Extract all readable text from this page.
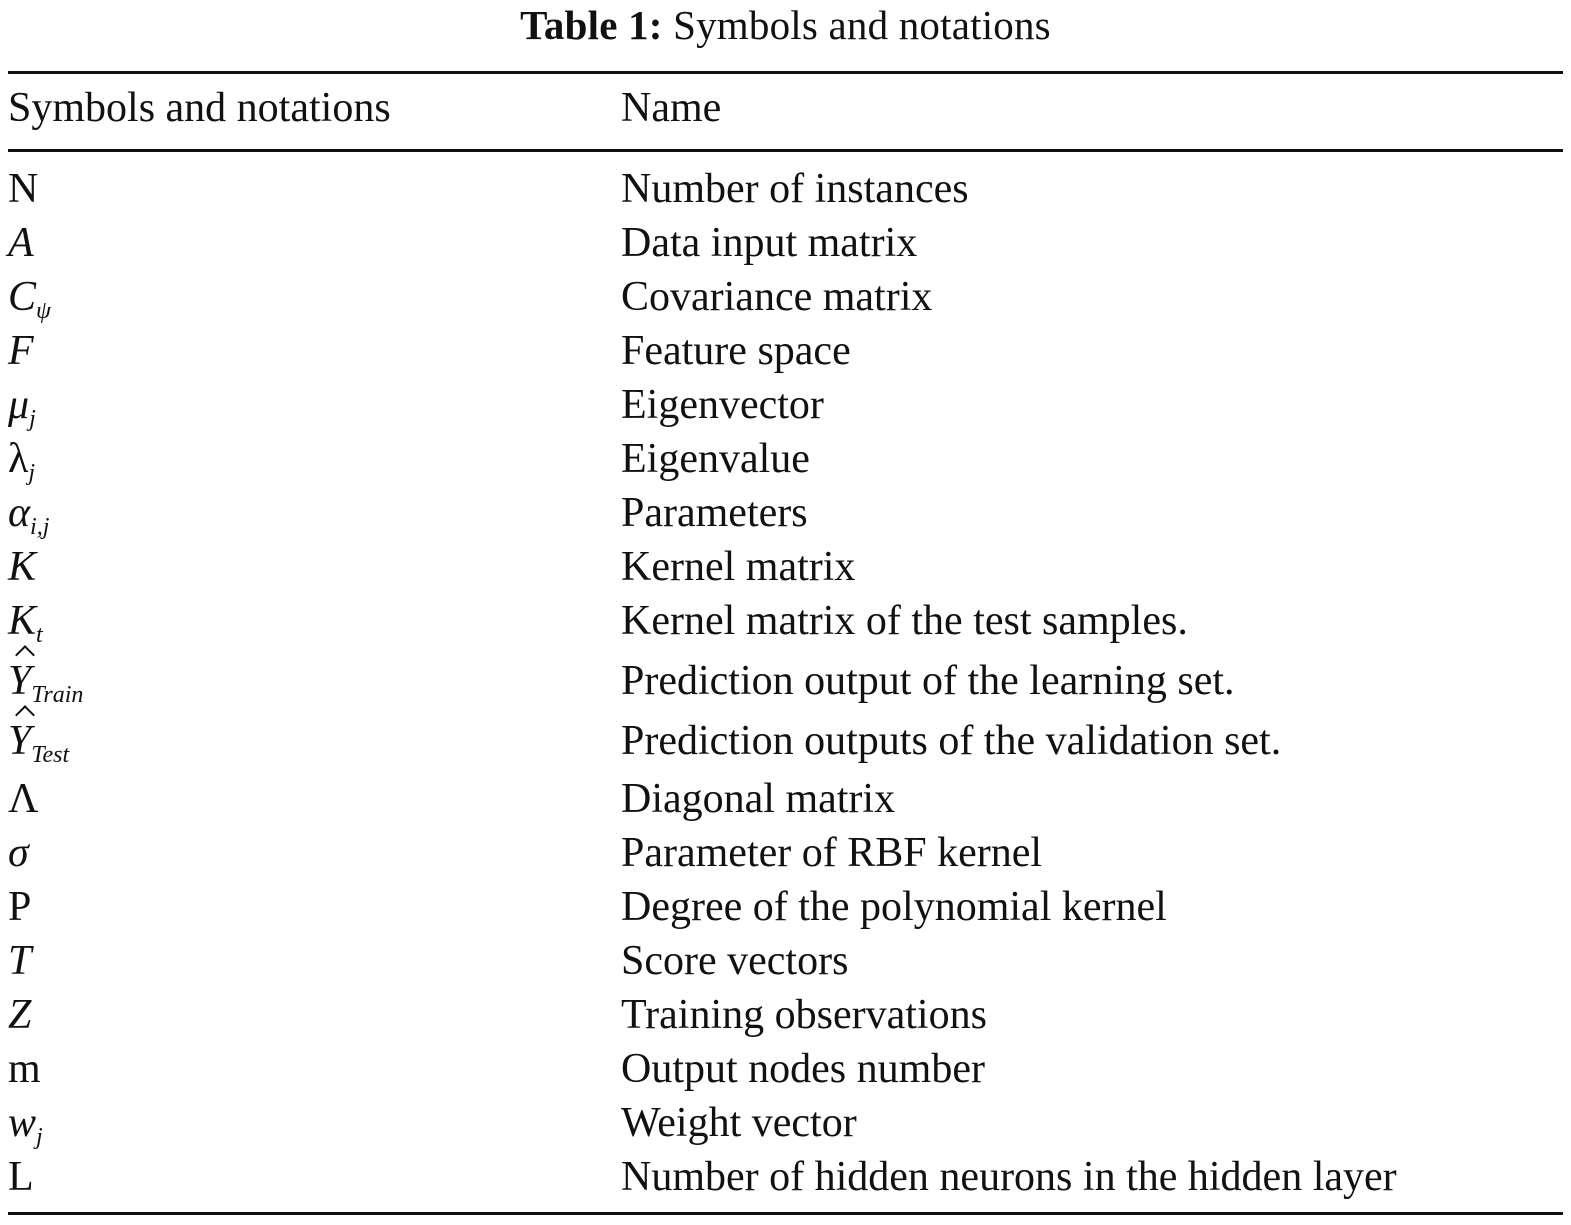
Table 1: Symbols and notations
Symbols and notations	Name
N	Number of instances
A	Data input matrix
$C_\psi$	Covariance matrix
F	Feature space
$\mu_j$	Eigenvector
$\lambda_j$	Eigenvalue
$\alpha_{i,j}$	Parameters
K	Kernel matrix
$K_t$	Kernel matrix of the test samples.
$Y_{Train}$	Prediction output of the learning set.
$Y_{Test}$	Prediction outputs of the validation set.
Λ	Diagonal matrix
σ	Parameter of RBF kernel
P	Degree of the polynomial kernel
T	Score vectors
Z	Training observations
m	Output nodes number
$w_j$	Weight vector
L	Number of hidden neurons in the hidden layer
